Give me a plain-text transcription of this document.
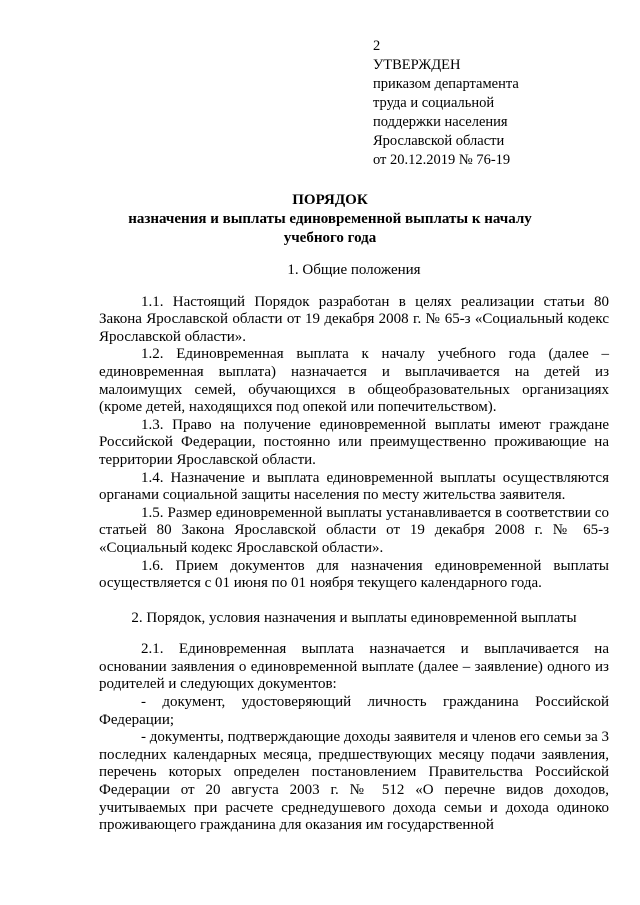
2
УТВЕРЖДЕН
приказом департамента
труда и социальной
поддержки населения
Ярославской области
от 20.12.2019 № 76-19
ПОРЯДОК
назначения и выплаты единовременной выплаты к началу учебного года

1. Общие положения

1.1. Настоящий Порядок разработан в целях реализации статьи 80 Закона Ярославской области от 19 декабря 2008 г. № 65-з «Социальный кодекс Ярославской области».

1.2. Единовременная выплата к началу учебного года (далее – единовременная выплата) назначается и выплачивается на детей из малоимущих семей, обучающихся в общеобразовательных организациях (кроме детей, находящихся под опекой или попечительством).

1.3. Право на получение единовременной выплаты имеют граждане Российской Федерации, постоянно или преимущественно проживающие на территории Ярославской области.

1.4. Назначение и выплата единовременной выплаты осуществляются органами социальной защиты населения по месту жительства заявителя.

1.5. Размер единовременной выплаты устанавливается в соответствии со статьей 80 Закона Ярославской области от 19 декабря 2008 г. № 65-з «Социальный кодекс Ярославской области».

1.6. Прием документов для назначения единовременной выплаты осуществляется с 01 июня по 01 ноября текущего календарного года.

2. Порядок, условия назначения и выплаты единовременной выплаты

2.1. Единовременная выплата назначается и выплачивается на основании заявления о единовременной выплате (далее – заявление) одного из родителей и следующих документов:

- документ, удостоверяющий личность гражданина Российской Федерации;

- документы, подтверждающие доходы заявителя и членов его семьи за 3 последних календарных месяца, предшествующих месяцу подачи заявления, перечень которых определен постановлением Правительства Российской Федерации от 20 августа 2003 г. № 512 «О перечне видов доходов, учитываемых при расчете среднедушевого дохода семьи и дохода одиноко проживающего гражданина для оказания им государственной
